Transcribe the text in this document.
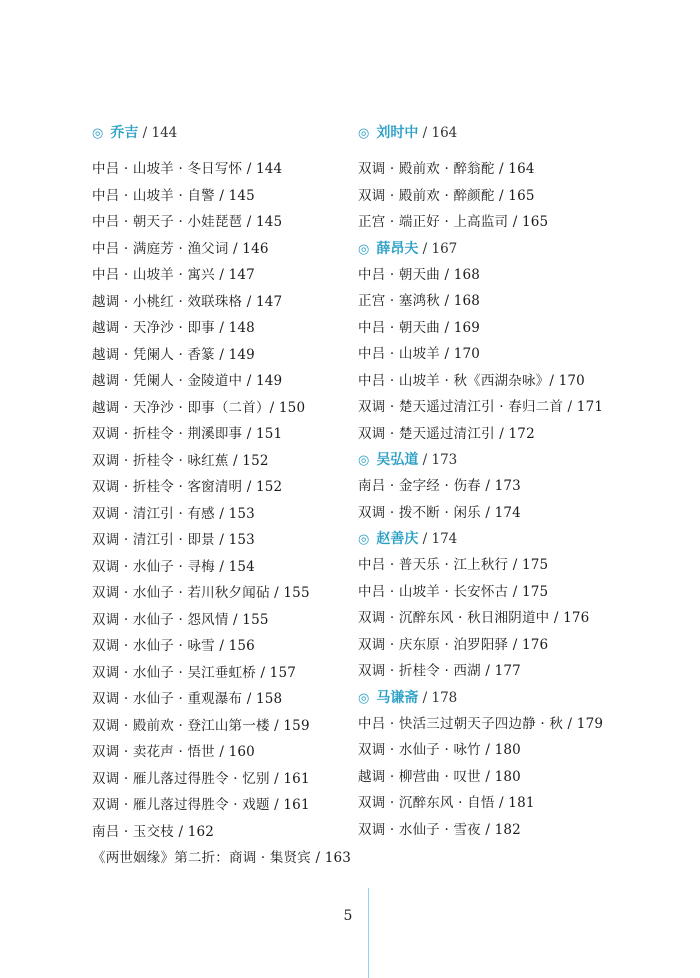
◎ 乔吉 / 144
中吕 · 山坡羊 · 冬日写怀 / 144
中吕 · 山坡羊 · 自警 / 145
中吕 · 朝天子 · 小娃琵琶 / 145
中吕 · 满庭芳 · 渔父词 / 146
中吕 · 山坡羊 · 寓兴 / 147
越调 · 小桃红 · 效联珠格 / 147
越调 · 天净沙 · 即事 / 148
越调 · 凭阑人 · 香篆 / 149
越调 · 凭阑人 · 金陵道中 / 149
越调 · 天净沙 · 即事（二首）/ 150
双调 · 折桂令 · 荆溪即事 / 151
双调 · 折桂令 · 咏红蕉 / 152
双调 · 折桂令 · 客窗清明 / 152
双调 · 清江引 · 有感 / 153
双调 · 清江引 · 即景 / 153
双调 · 水仙子 · 寻梅 / 154
双调 · 水仙子 · 若川秋夕闻砧 / 155
双调 · 水仙子 · 怨风情 / 155
双调 · 水仙子 · 咏雪 / 156
双调 · 水仙子 · 吴江垂虹桥 / 157
双调 · 水仙子 · 重观瀑布 / 158
双调 · 殿前欢 · 登江山第一楼 / 159
双调 · 卖花声 · 悟世 / 160
双调 · 雁儿落过得胜令 · 忆别 / 161
双调 · 雁儿落过得胜令 · 戏题 / 161
南吕 · 玉交枝 / 162
《两世姻缘》第二折：商调 · 集贤宾 / 163
◎ 刘时中 / 164
双调 · 殿前欢 · 醉翁酡 / 164
双调 · 殿前欢 · 醉颜酡 / 165
正宫 · 端正好 · 上高监司 / 165
◎ 薛昂夫 / 167
中吕 · 朝天曲 / 168
正宫 · 塞鸿秋 / 168
中吕 · 朝天曲 / 169
中吕 · 山坡羊 / 170
中吕 · 山坡羊 · 秋《西湖杂咏》/ 170
双调 · 楚天遥过清江引 · 春归二首 / 171
双调 · 楚天遥过清江引 / 172
◎ 吴弘道 / 173
南吕 · 金字经 · 伤春 / 173
双调 · 拨不断 · 闲乐 / 174
◎ 赵善庆 / 174
中吕 · 普天乐 · 江上秋行 / 175
中吕 · 山坡羊 · 长安怀古 / 175
双调 · 沉醉东风 · 秋日湘阴道中 / 176
双调 · 庆东原 · 泊罗阳驿 / 176
双调 · 折桂令 · 西湖 / 177
◎ 马谦斋 / 178
中吕 · 快活三过朝天子四边静 · 秋 / 179
双调 · 水仙子 · 咏竹 / 180
越调 · 柳营曲 · 叹世 / 180
双调 · 沉醉东风 · 自悟 / 181
双调 · 水仙子 · 雪夜 / 182
5
